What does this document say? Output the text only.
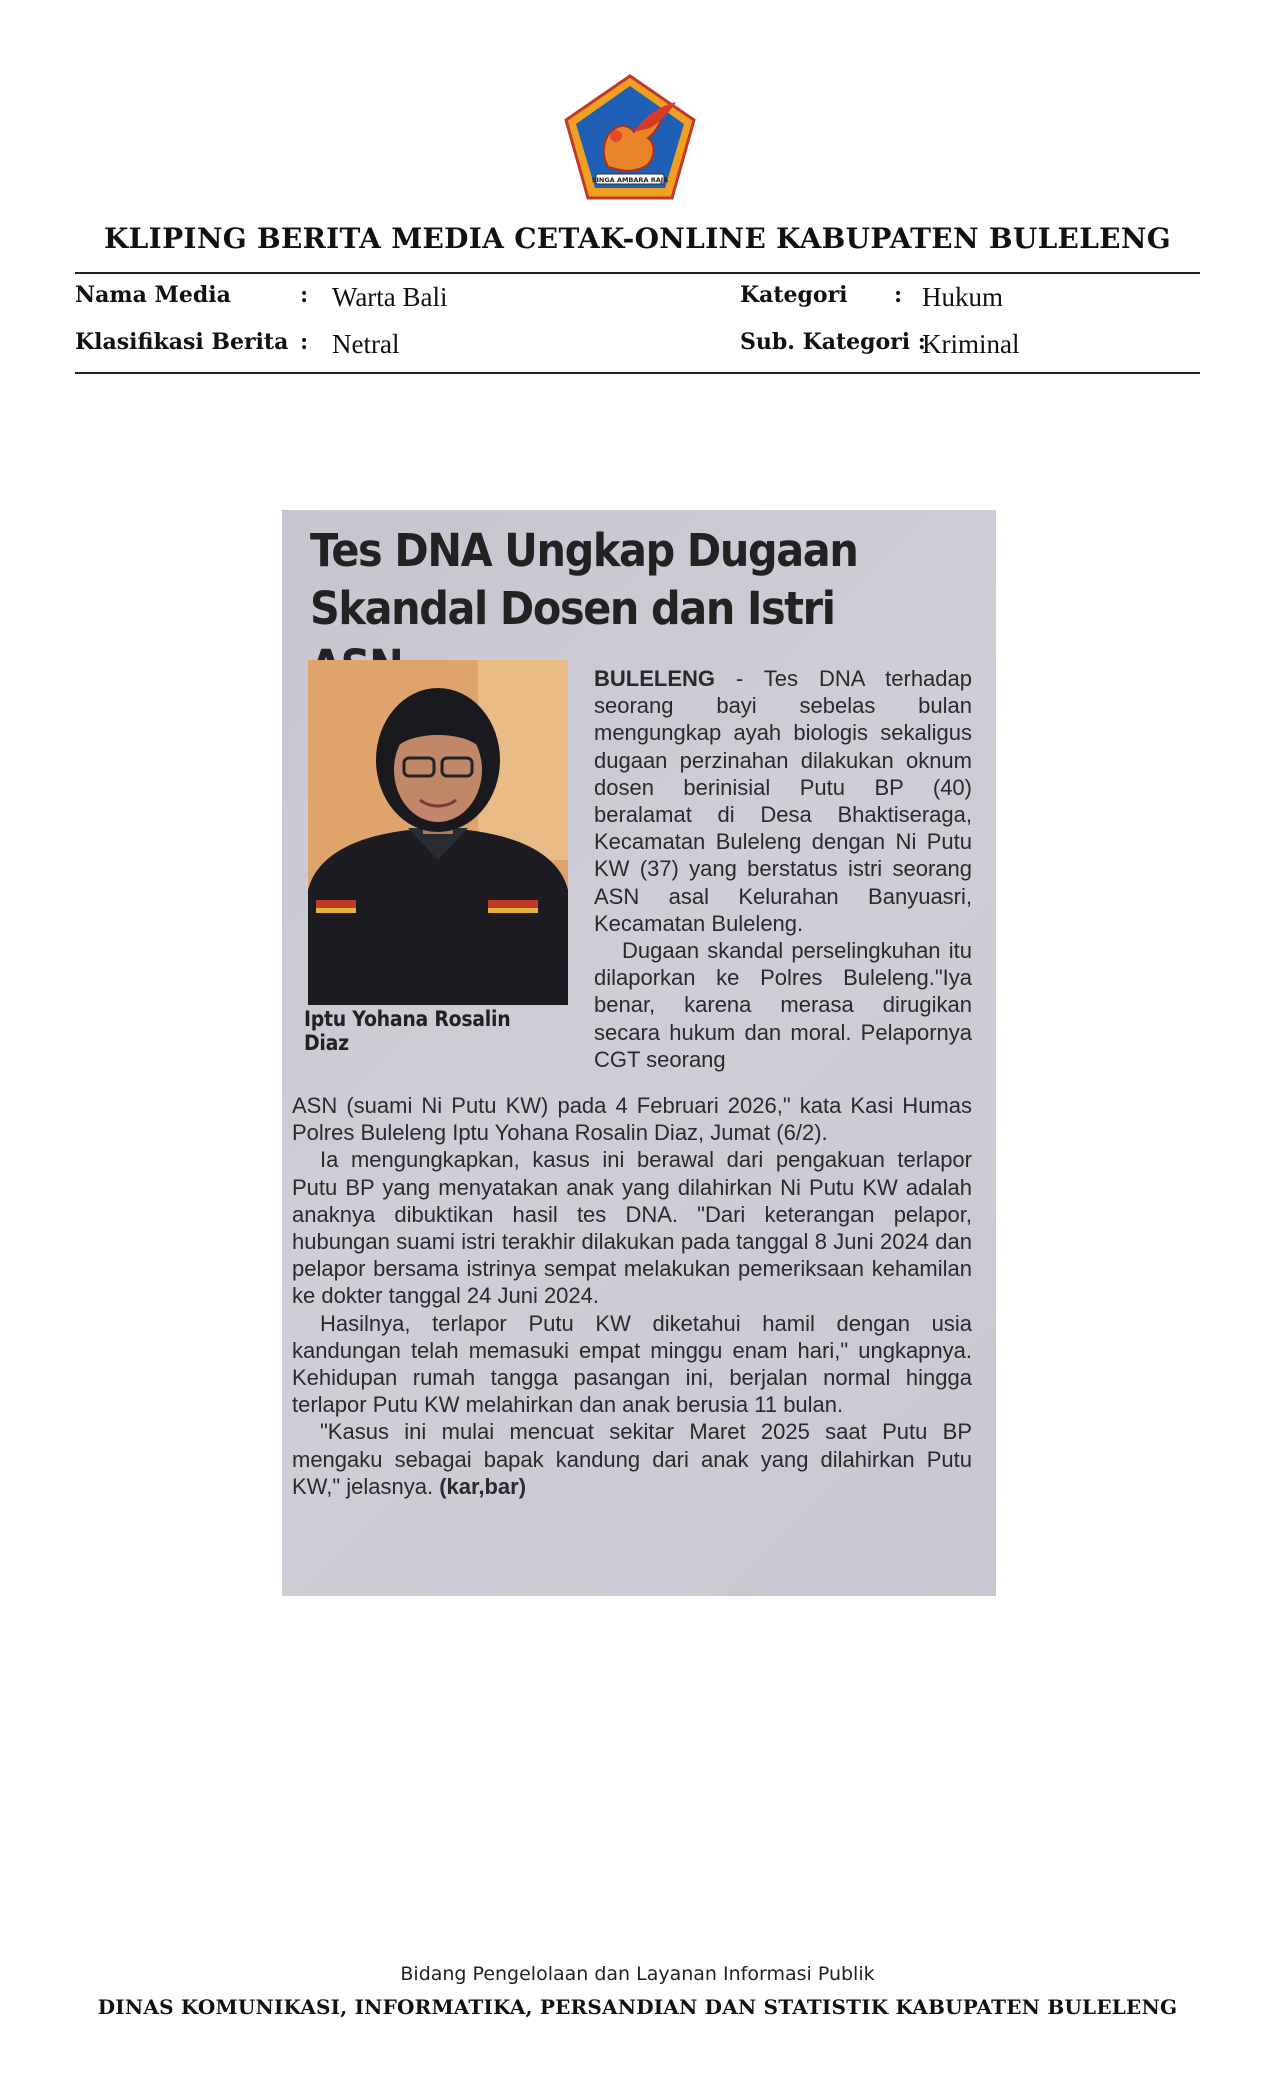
SINGA AMBARA RAJA
KLIPING BERITA MEDIA CETAK-ONLINE KABUPATEN BULELENG
Nama Media	: Warta Bali
Klasifikasi Berita : Netral
Kategori : Hukum
Sub. Kategori :
Kriminal
Tes DNA Ungkap Dugaan
Skandal Dosen dan Istri
Iptu Yohana Rosalin Diaz

BULELENG - Tes DNA terhadap seorang bayi sebelas bulan mengungkap ayah biologis sekaligus dugaan perzinahan dilakukan oknum dosen berinisial Putu BP (40) beralamat di Desa Bhaktiseraga, Kecamatan Buleleng dengan Ni Putu KW (37) yang berstatus istri seorang ASN asal Kelurahan Banyuasri, Kecamatan Buleleng.

Dugaan skandal perselingkuhan itu dilaporkan ke Polres Buleleng."Iya benar, karena merasa dirugikan secara hukum dan moral. Pelapornya CGT seorang

ASN (suami Ni Putu KW) pada 4 Februari 2026," kata Kasi Humas Polres Buleleng Iptu Yohana Rosalin Diaz, Jumat (6/2).

Ia mengungkapkan, kasus ini berawal dari pengakuan terlapor Putu BP yang menyatakan anak yang dilahirkan Ni Putu KW adalah anaknya dibuktikan hasil tes DNA. "Dari keterangan pelapor, hubungan suami istri terakhir dilakukan pada tanggal 8 Juni 2024 dan pelapor bersama istrinya sempat melakukan pemeriksaan kehamilan ke dokter tanggal 24 Juni 2024.

Hasilnya, terlapor Putu KW diketahui hamil dengan usia kandungan telah memasuki empat minggu enam hari," ungkapnya. Kehidupan rumah tangga pasangan ini, berjalan normal hingga terlapor Putu KW melahirkan dan anak berusia 11 bulan.

"Kasus ini mulai mencuat sekitar Maret 2025 saat Putu BP mengaku sebagai bapak kandung dari anak yang dilahirkan Putu KW," jelasnya. (kar,bar)

Bidang Pengelolaan dan Layanan Informasi Publik
DINAS KOMUNIKASI, INFORMATIKA, PERSANDIAN DAN STATISTIK KABUPATEN BULELENG
